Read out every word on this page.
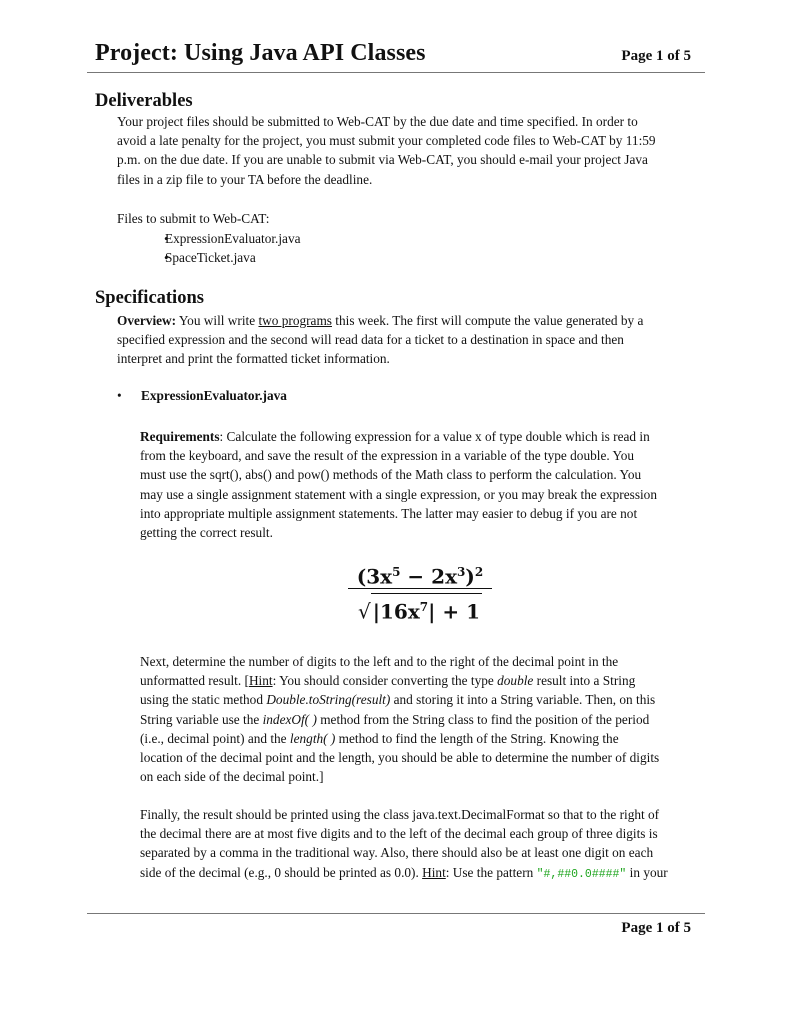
Project: Using Java API Classes	Page 1 of 5
Deliverables
Your project files should be submitted to Web-CAT by the due date and time specified. In order to
avoid a late penalty for the project, you must submit your completed code files to Web-CAT by 11:59
p.m. on the due date. If you are unable to submit via Web-CAT, you should e-mail your project Java
files in a zip file to your TA before the deadline.
Files to submit to Web-CAT:
• ExpressionEvaluator.java
• SpaceTicket.java
Specifications
Overview: You will write two programs this week. The first will compute the value generated by a
specified expression and the second will read data for a ticket to a destination in space and then
interpret and print the formatted ticket information.
• ExpressionEvaluator.java
Requirements: Calculate the following expression for a value x of type double which is read in
from the keyboard, and save the result of the expression in a variable of the type double. You
must use the sqrt(), abs() and pow() methods of the Math class to perform the calculation. You
may use a single assignment statement with a single expression, or you may break the expression
into appropriate multiple assignment statements. The latter may easier to debug if you are not
getting the correct result.
$(3x^5 - 2x^3)^2$
√ $|16x^7| + 1$
Next, determine the number of digits to the left and to the right of the decimal point in the
unformatted result. [Hint: You should consider converting the type double result into a String
using the static method Double.toString(result) and storing it into a String variable. Then, on this
String variable use the indexOf( ) method from the String class to find the position of the period
(i.e., decimal point) and the length( ) method to find the length of the String. Knowing the
location of the decimal point and the length, you should be able to determine the number of digits
on each side of the decimal point.]
Finally, the result should be printed using the class java.text.DecimalFormat so that to the right of
the decimal there are at most five digits and to the left of the decimal each group of three digits is
separated by a comma in the traditional way. Also, there should also be at least one digit on each
side of the decimal (e.g., 0 should be printed as 0.0). Hint: Use the pattern "#,##0.0####" in your
Page 1 of 5
